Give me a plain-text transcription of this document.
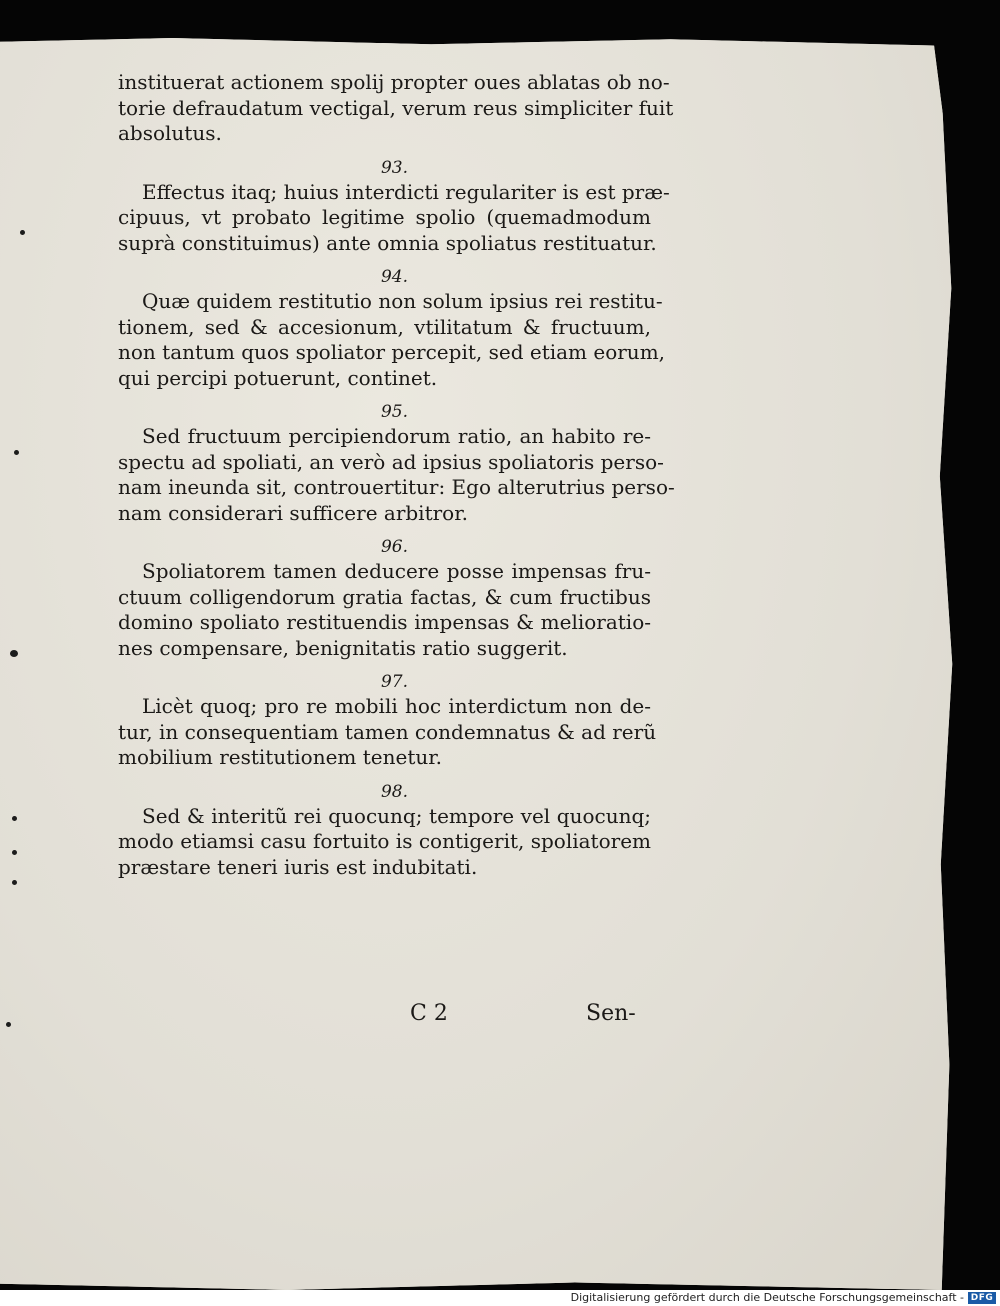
instituerat actionem spolij propter oues ablatas ob no-
torie defraudatum vectigal, verum reus simpliciter fuit
absolutus.

93.

Effectus itaq; huius interdicti regulariter is est præ-
cipuus, vt probato legitime spolio (quemadmodum
suprà constituimus) ante omnia spoliatus restituatur.

94.

Quæ quidem restitutio non solum ipsius rei restitu-
tionem, sed & accesionum, vtilitatum & fructuum,
non tantum quos spoliator percepit, sed etiam eorum,
qui percipi potuerunt, continet.

95.

Sed fructuum percipiendorum ratio, an habito re-
spectu ad spoliati, an verò ad ipsius spoliatoris perso-
nam ineunda sit, controuertitur: Ego alterutrius perso-
nam considerari sufficere arbitror.

96.

Spoliatorem tamen deducere posse impensas fru-
ctuum colligendorum gratia factas, & cum fructibus
domino spoliato restituendis impensas & melioratio-
nes compensare, benignitatis ratio suggerit.

97.

Licèt quoq; pro re mobili hoc interdictum non de-
tur, in consequentiam tamen condemnatus & ad rerũ
mobilium restitutionem tenetur.

98.

Sed & interitũ rei quocunq; tempore vel quocunq;
modo etiamsi casu fortuito is contigerit, spoliatorem
præstare teneri iuris est indubitati.

C 2	Sen-
Digitalisierung gefördert durch die Deutsche Forschungsgemeinschaft - DFG
